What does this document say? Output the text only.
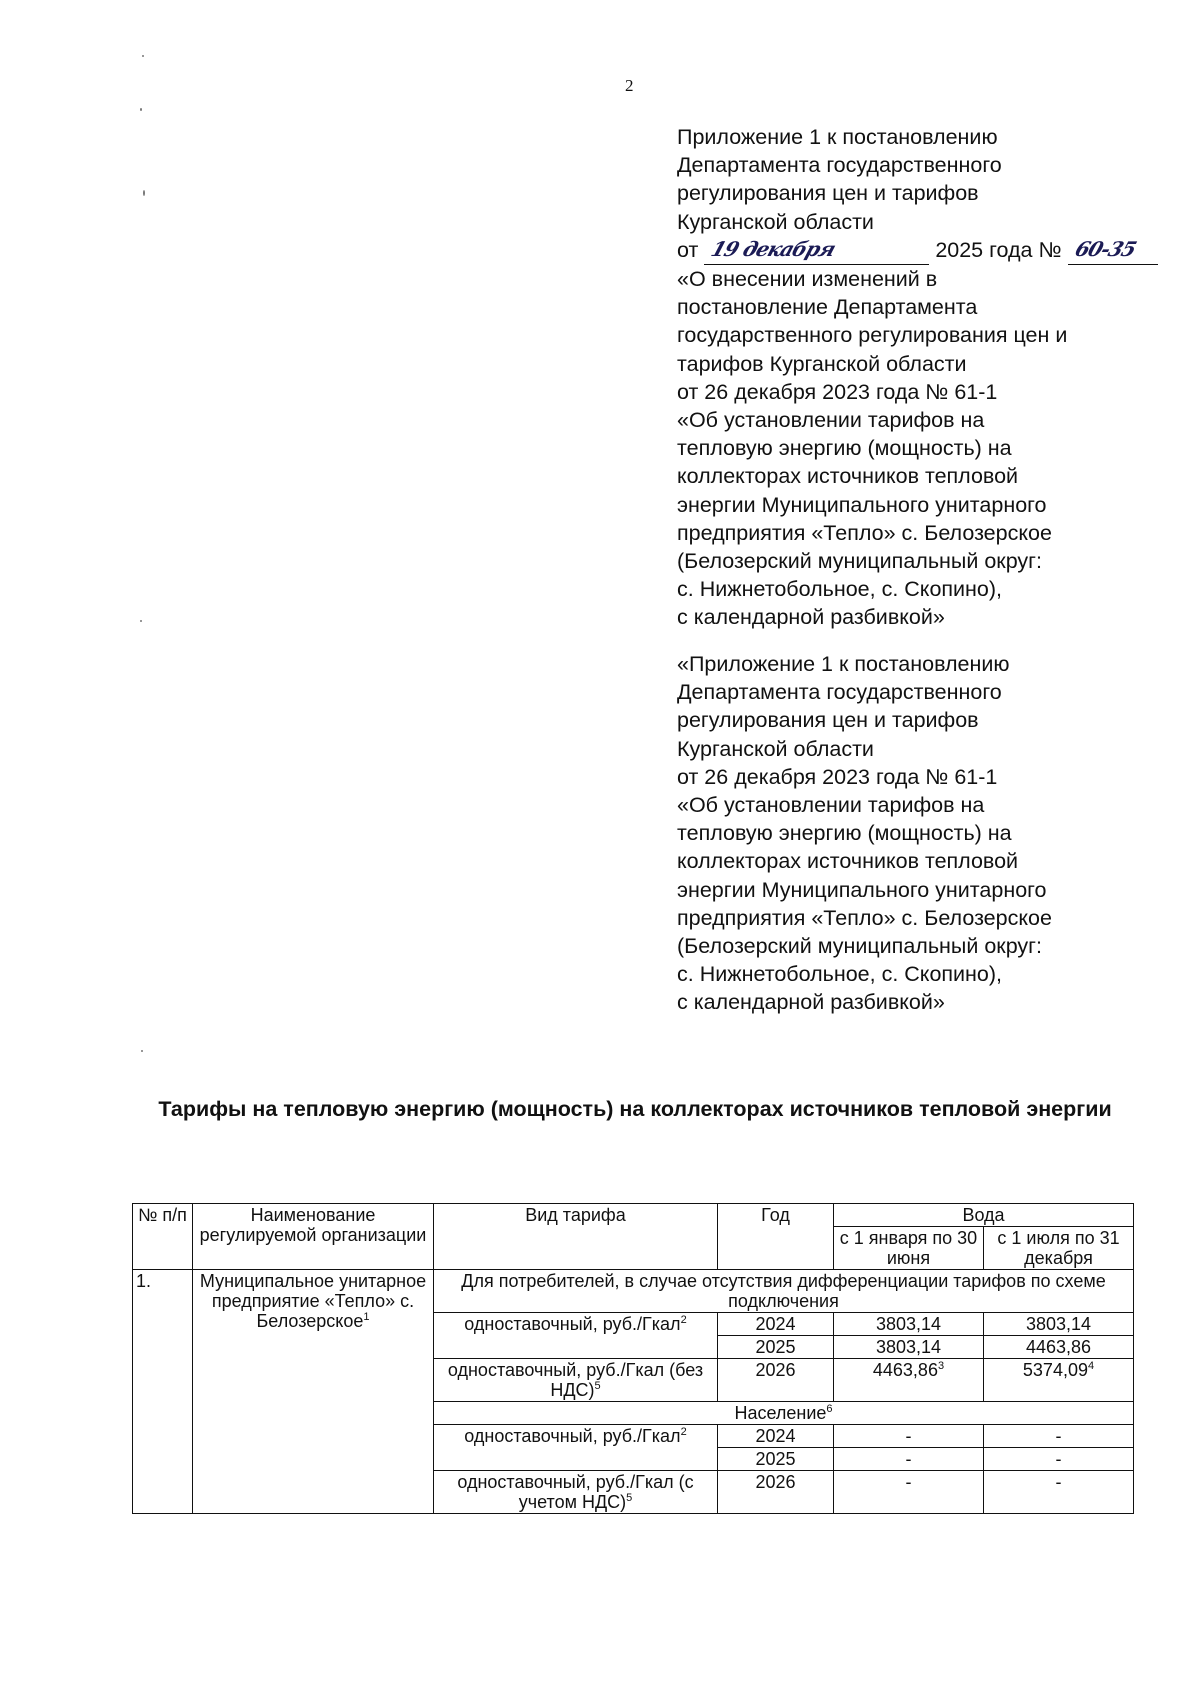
2
Приложение 1 к постановлению
Департамента государственного
регулирования цен и тарифов
Курганской области
от 19 декабря	2025 года № 60-35

«О внесении изменений в
постановление Департамента
государственного регулирования цен и
тарифов Курганской области
от 26 декабря 2023 года № 61-1
«Об установлении тарифов на
тепловую энергию (мощность) на
коллекторах источников тепловой
энергии Муниципального унитарного
предприятия «Тепло» с. Белозерское
(Белозерский муниципальный округ:
с. Нижнетобольное, с. Скопино),
с календарной разбивкой»
«Приложение 1 к постановлению
Департамента государственного
регулирования цен и тарифов
Курганской области
от 26 декабря 2023 года № 61-1
«Об установлении тарифов на
тепловую энергию (мощность) на
коллекторах источников тепловой
энергии Муниципального унитарного
предприятия «Тепло» с. Белозерское
(Белозерский муниципальный округ:
с. Нижнетобольное, с. Скопино),
с календарной разбивкой»
Тарифы на тепловую энергию (мощность) на коллекторах источников тепловой энергии
№ п/п	Наименование регулируемой организации	Вид тарифа	Год	Вода	
				с 1 января по 30 июня	с 1 июля по 31 декабря
1.	Муниципальное унитарное предприятие «Тепло» с. Белозерское$^1$	Для потребителей, в случае отсутствия дифференциации тарифов по схеме подключения			
		одноставочный, руб./Гкал$^2$	2024	3803,14	3803,14
			2025	3803,14	4463,86
		одноставочный, руб./Гкал (без НДС)$^5$	2026	4463,86$^3$	5374,09$^4$
		Население$^6$
		одноставочный, руб./Гкал$^2$	2024	-	-
			2025	-	-
		одноставочный, руб./Гкал (с учетом НДС)$^5$	2026	-	-
